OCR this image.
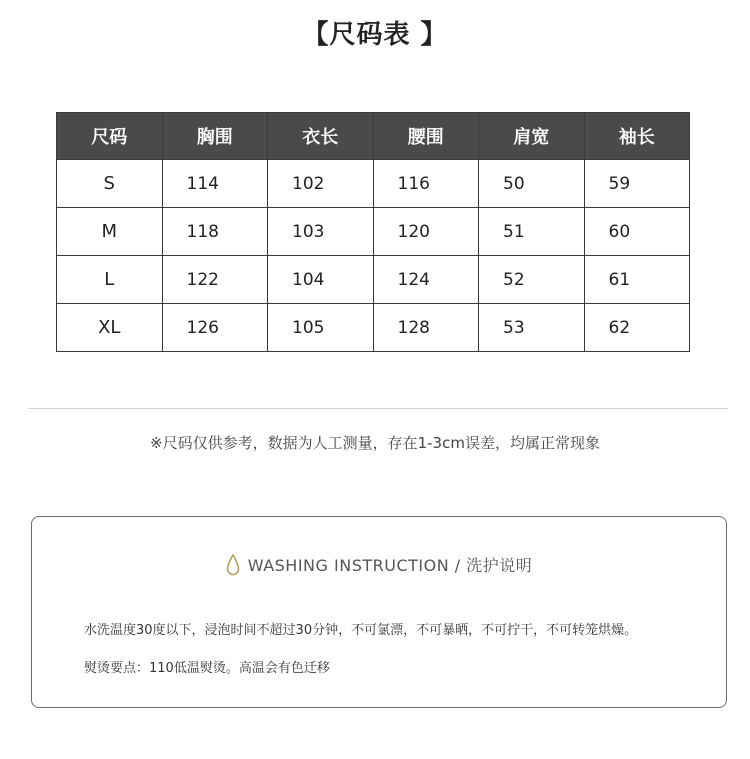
【尺码表 】
尺码	胸围	衣长	腰围	肩宽	袖长
S	114	102	116	50	59
M	118	103	120	51	60
L	122	104	124	52	61
XL	126	105	128	53	62
※尺码仅供参考，数据为人工测量，存在1-3cm误差，均属正常现象
WASHING INSTRUCTION / 洗护说明
水洗温度30度以下，浸泡时间不超过30分钟，不可氯漂，不可暴晒，不可拧干，不可转笼烘燥。
熨烫要点：110低温熨烫。高温会有色迁移
